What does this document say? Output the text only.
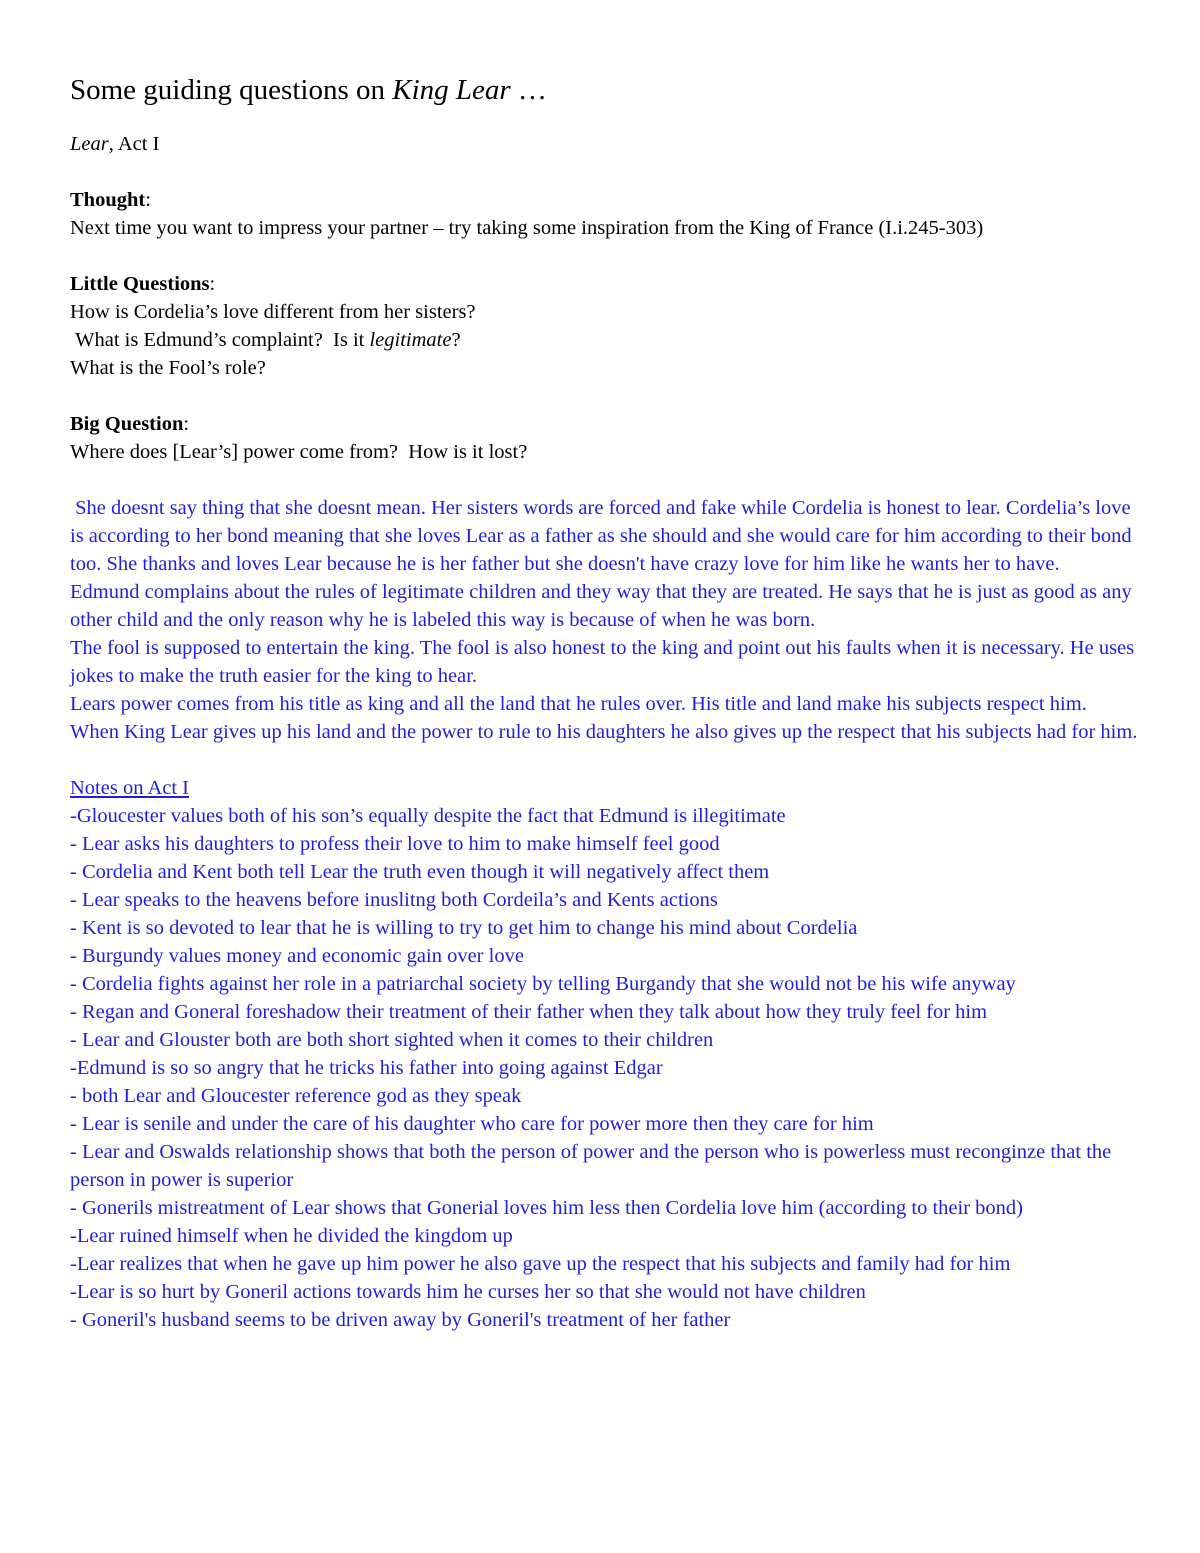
Some guiding questions on King Lear …

Lear, Act I

Thought:

Next time you want to impress your partner – try taking some inspiration from the King of France (I.i.245-303)

Little Questions:

How is Cordelia’s love different from her sisters?

What is Edmund’s complaint?  Is it legitimate?

What is the Fool’s role?

Big Question:

Where does [Lear’s] power come from?  How is it lost?

She doesnt say thing that she doesnt mean. Her sisters words are forced and fake while Cordelia is honest to lear. Cordelia’s love is according to her bond meaning that she loves Lear as a father as she should and she would care for him according to their bond too. She thanks and loves Lear because he is her father but she doesn't have crazy love for him like he wants her to have.

Edmund complains about the rules of legitimate children and they way that they are treated. He says that he is just as good as any other child and the only reason why he is labeled this way is because of when he was born.

The fool is supposed to entertain the king. The fool is also honest to the king and point out his faults when it is necessary. He uses jokes to make the truth easier for the king to hear.

Lears power comes from his title as king and all the land that he rules over. His title and land make his subjects respect him. When King Lear gives up his land and the power to rule to his daughters he also gives up the respect that his subjects had for him.

Notes on Act I

-Gloucester values both of his son’s equally despite the fact that Edmund is illegitimate

- Lear asks his daughters to profess their love to him to make himself feel good

- Cordelia and Kent both tell Lear the truth even though it will negatively affect them

- Lear speaks to the heavens before inuslitng both Cordeila’s and Kents actions

- Kent is so devoted to lear that he is willing to try to get him to change his mind about Cordelia

- Burgundy values money and economic gain over love

- Cordelia fights against her role in a patriarchal society by telling Burgandy that she would not be his wife anyway

- Regan and Goneral foreshadow their treatment of their father when they talk about how they truly feel for him

- Lear and Glouster both are both short sighted when it comes to their children

-Edmund is so so angry that he tricks his father into going against Edgar

- both Lear and Gloucester reference god as they speak

- Lear is senile and under the care of his daughter who care for power more then they care for him

- Lear and Oswalds relationship shows that both the person of power and the person who is powerless must reconginze that the person in power is superior

- Gonerils mistreatment of Lear shows that Gonerial loves him less then Cordelia love him (according to their bond)

-Lear ruined himself when he divided the kingdom up

-Lear realizes that when he gave up him power he also gave up the respect that his subjects and family had for him

-Lear is so hurt by Goneril actions towards him he curses her so that she would not have children

- Goneril's husband seems to be driven away by Goneril's treatment of her father
